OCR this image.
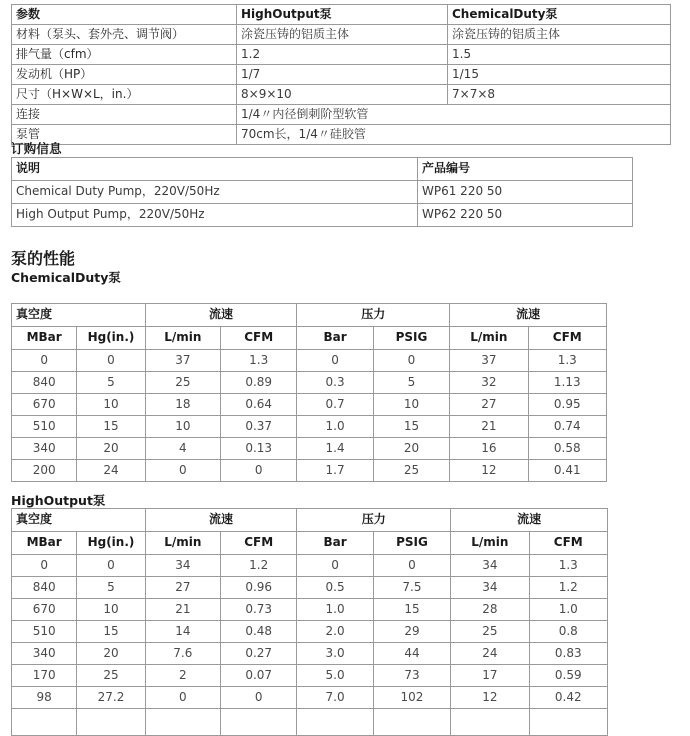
参数	HighOutput泵	ChemicalDuty泵
材料（泵头、套外壳、调节阀）	涂瓷压铸的铝质主体	涂瓷压铸的铝质主体
排气量（cfm）	1.2	1.5
发动机（HP）	1/7	1/15
尺寸（H×W×L，in.）	8×9×10	7×7×8
连接	1/4〃内径倒刺阶型软管	
泵管	70cm长，1/4〃硅胶管	
订购信息
说明	产品编号
Chemical Duty Pump，220V/50Hz	WP61 220 50
High Output Pump，220V/50Hz	WP62 220 50
泵的性能
ChemicalDuty泵
真空度		流速		压力		流速	
MBar	Hg(in.)	L/min	CFM	Bar	PSIG	L/min	CFM
0	0	37	1.3	0	0	37	1.3
840	5	25	0.89	0.3	5	32	1.13
670	10	18	0.64	0.7	10	27	0.95
510	15	10	0.37	1.0	15	21	0.74
340	20	4	0.13	1.4	20	16	0.58
200	24	0	0	1.7	25	12	0.41
HighOutput泵
真空度		流速		压力		流速	
MBar	Hg(in.)	L/min	CFM	Bar	PSIG	L/min	CFM
0	0	34	1.2	0	0	34	1.3
840	5	27	0.96	0.5	7.5	34	1.2
670	10	21	0.73	1.0	15	28	1.0
510	15	14	0.48	2.0	29	25	0.8
340	20	7.6	0.27	3.0	44	24	0.83
170	25	2	0.07	5.0	73	17	0.59
98	27.2	0	0	7.0	102	12	0.42
